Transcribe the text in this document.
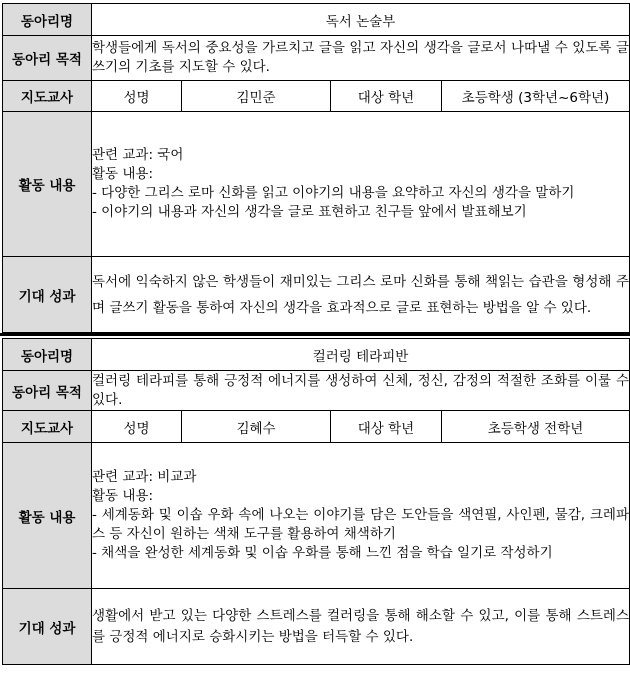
동아리명	독서 논술부			
동아리 목적	학생들에게 독서의 중요성을 가르치고 글을 읽고 자신의 생각을 글로서 나따낼 수 있도록 글쓰기의 기초를 지도할 수 있다.			
지도교사	성명	김민준	대상 학년	초등학생 (3학년~6학년)
활동 내용	관련 교과: 국어
활동 내용:
- 다양한 그리스 로마 신화를 읽고 이야기의 내용을 요약하고 자신의 생각을 말하기
- 이야기의 내용과 자신의 생각을 글로 표현하고 친구들 앞에서 발표해보기			

기대 성과	독서에 익숙하지 않은 학생들이 재미있는 그리스 로마 신화를 통해 책읽는 습관을 형성해 주며 글쓰기 활동을 통하여 자신의 생각을 효과적으로 글로 표현하는 방법을 알 수 있다.			
동아리명	컬러링 테라피반			
동아리 목적	컬러링 테라피를 통해 긍정적 에너지를 생성하여 신체, 정신, 감정의 적절한 조화를 이룰 수 있다.			
지도교사	성명	김혜수	대상 학년	초등학생 전학년
활동 내용	관련 교과: 비교과
활동 내용:
- 세계동화 및 이솝 우화 속에 나오는 이야기를 담은 도안들을 색연필, 사인펜, 물감, 크레파스 등 자신이 원하는 색채 도구를 활용하여 채색하기
- 채색을 완성한 세계동화 및 이솝 우화를 통해 느낀 점을 학습 일기로 작성하기			

기대 성과	생활에서 받고 있는 다양한 스트레스를 컬러링을 통해 해소할 수 있고, 이를 통해 스트레스를 긍정적 에너지로 승화시키는 방법을 터득할 수 있다.			
